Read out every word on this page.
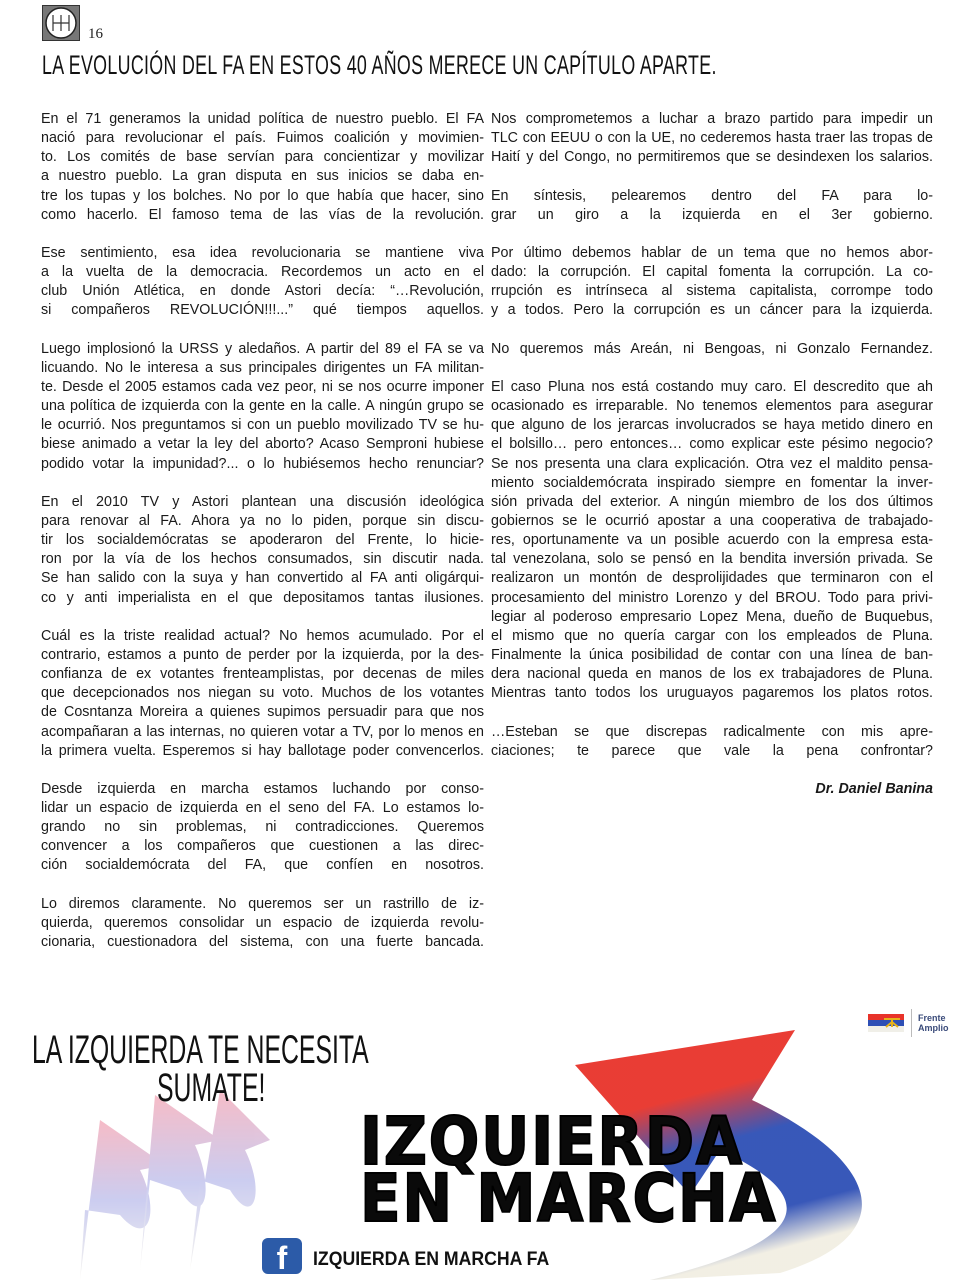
16
LA EVOLUCIÓN DEL FA EN ESTOS 40 AÑOS MERECE UN CAPÍTULO APARTE.
En el 71 generamos la unidad política de nuestro pueblo. El FA
nació para revolucionar el país. Fuimos coalición y movimien-
to. Los comités de base servían para concientizar y movilizar
a nuestro pueblo. La gran disputa en sus inicios se daba en-
tre los tupas y los bolches. No por lo que había que hacer, sino
como hacerlo. El famoso tema de las vías de la revolución.
Ese sentimiento, esa idea revolucionaria se mantiene viva
a la vuelta de la democracia. Recordemos un acto en el
club Unión Atlética, en donde Astori decía: “…Revolución,
si compañeros REVOLUCIÓN!!!...” qué tiempos aquellos.
Luego implosionó la URSS y aledaños. A partir del 89 el FA se va
licuando. No le interesa a sus principales dirigentes un FA militan-
te. Desde el 2005 estamos cada vez peor, ni se nos ocurre imponer
una política de izquierda con la gente en la calle. A ningún grupo se
le ocurrió. Nos preguntamos si con un pueblo movilizado TV se hu-
biese animado a vetar la ley del aborto? Acaso Semproni hubiese
podido votar la impunidad?... o lo hubiésemos hecho renunciar?
En el 2010 TV y Astori plantean una discusión ideológica
para renovar al FA. Ahora ya no lo piden, porque sin discu-
tir los socialdemócratas se apoderaron del Frente, lo hicie-
ron por la vía de los hechos consumados, sin discutir nada.
Se han salido con la suya y han convertido al FA anti oligárqui-
co y anti imperialista en el que depositamos tantas ilusiones.
Cuál es la triste realidad actual? No hemos acumulado. Por el
contrario, estamos a punto de perder por la izquierda, por la des-
confianza de ex votantes frenteamplistas, por decenas de miles
que decepcionados nos niegan su voto. Muchos de los votantes
de Cosntanza Moreira a quienes supimos persuadir para que nos
acompañaran a las internas, no quieren votar a TV, por lo menos en
la primera vuelta. Esperemos si hay ballotage poder convencerlos.
Desde izquierda en marcha estamos luchando por conso-
lidar un espacio de izquierda en el seno del FA. Lo estamos lo-
grando no sin problemas, ni contradicciones. Queremos
convencer a los compañeros que cuestionen a las direc-
ción socialdemócrata del FA, que confíen en nosotros.
Lo diremos claramente. No queremos ser un rastrillo de iz-
quierda, queremos consolidar un espacio de izquierda revolu-
cionaria, cuestionadora del sistema, con una fuerte bancada.
Nos comprometemos a luchar a brazo partido para impedir un
TLC con EEUU o con la UE, no cederemos hasta traer las tropas de
Haití y del Congo, no permitiremos que se desindexen los salarios.
En síntesis, pelearemos dentro del FA para lo-
grar un giro a la izquierda en el 3er gobierno.
Por último debemos hablar de un tema que no hemos abor-
dado: la corrupción. El capital fomenta la corrupción. La co-
rrupción es intrínseca al sistema capitalista, corrompe todo
y a todos. Pero la corrupción es un cáncer para la izquierda.
No queremos más Areán, ni Bengoas, ni Gonzalo Fernandez.
El caso Pluna nos está costando muy caro. El descredito que ah
ocasionado es irreparable. No tenemos elementos para asegurar
que alguno de los jerarcas involucrados se haya metido dinero en
el bolsillo… pero entonces… como explicar este pésimo negocio?
Se nos presenta una clara explicación. Otra vez el maldito pensa-
miento socialdemócrata inspirado siempre en fomentar la inver-
sión privada del exterior. A ningún miembro de los dos últimos
gobiernos se le ocurrió apostar a una cooperativa de trabajado-
res, oportunamente va un posible acuerdo con la empresa esta-
tal venezolana, solo se pensó en la bendita inversión privada. Se
realizaron un montón de desprolijidades que terminaron con el
procesamiento del ministro Lorenzo y del BROU. Todo para privi-
legiar al poderoso empresario Lopez Mena, dueño de Buquebus,
el mismo que no quería cargar con los empleados de Pluna.
Finalmente la única posibilidad de contar con una línea de ban-
dera nacional queda en manos de los ex trabajadores de Pluna.
Mientras tanto todos los uruguayos pagaremos los platos rotos.
…Esteban se que discrepas radicalmente con mis apre-
ciaciones; te parece que vale la pena confrontar?
Dr. Daniel Banina
LA IZQUIERDA TE NECESITA
SUMATE!
IZQUIERDA
EN MARCHA
f	IZQUIERDA EN MARCHA FA
Frente
Amplio
